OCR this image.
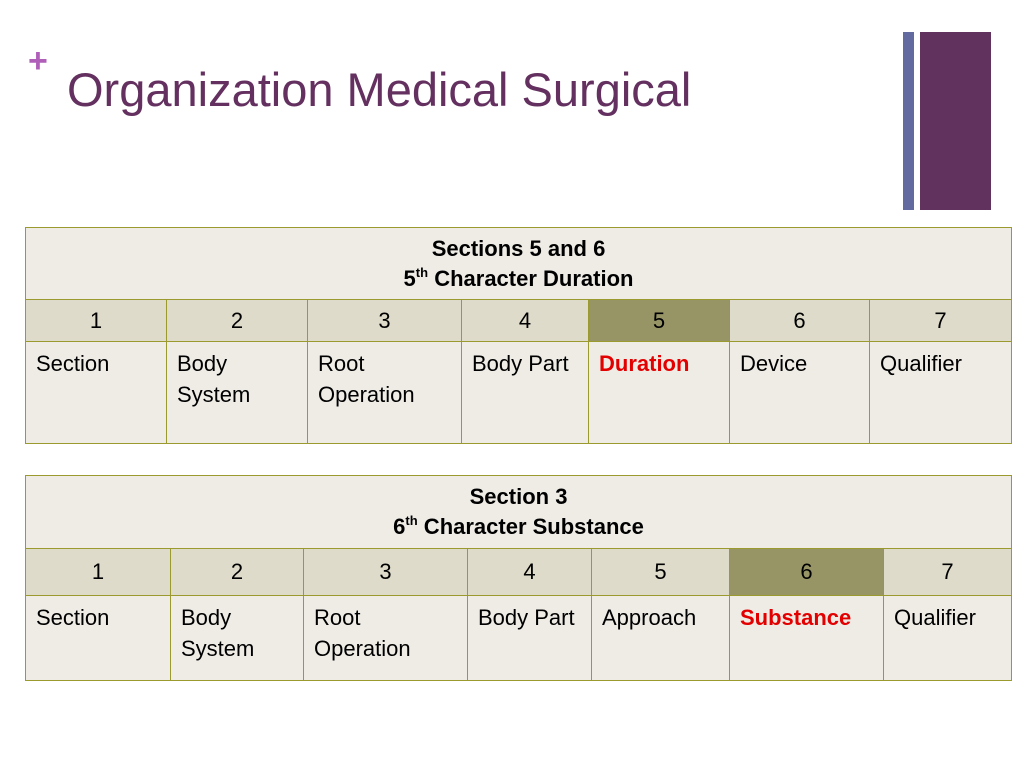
+
Organization Medical Surgical
Sections 5 and 6
5th Character Duration						

1	2	3	4	5	6	7
Section	Body System	Root Operation	Body Part	Duration	Device	Qualifier
Section 3
6th Character Substance						

1	2	3	4	5	6	7
Section	Body System	Root Operation	Body Part	Approach	Substance	Qualifier
